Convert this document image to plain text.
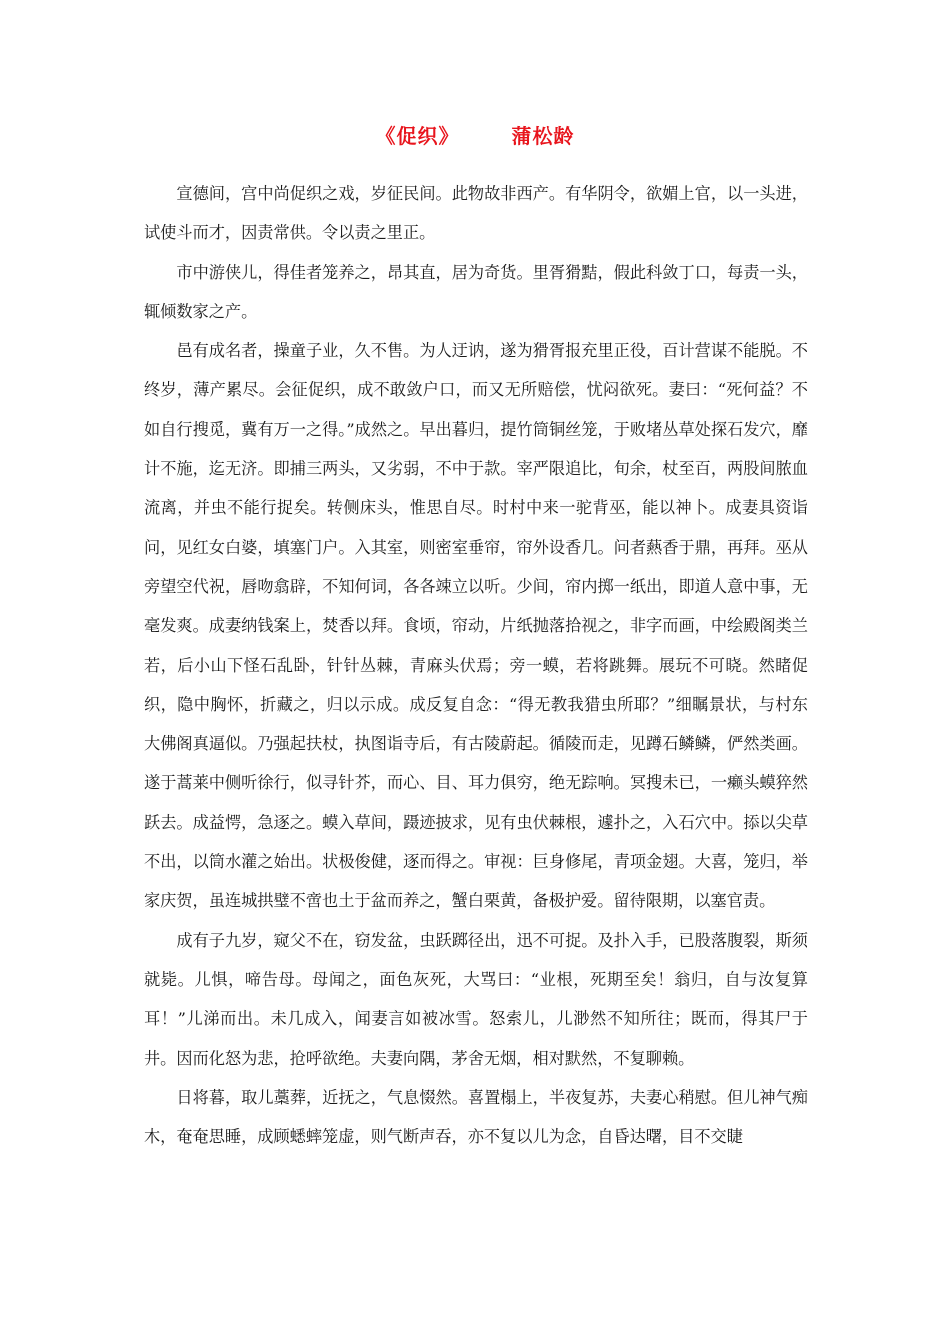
《促织》	蒲松龄

宣德间，宫中尚促织之戏，岁征民间。此物故非西产。有华阴令，欲媚上官，以一头进，试使斗而才，因责常供。令以责之里正。

市中游侠儿，得佳者笼养之，昂其直，居为奇货。里胥猾黠，假此科敛丁口，每责一头，辄倾数家之产。

邑有成名者，操童子业，久不售。为人迂讷，遂为猾胥报充里正役，百计营谋不能脱。不终岁，薄产累尽。会征促织，成不敢敛户口，而又无所赔偿，忧闷欲死。妻曰：“死何益？不如自行搜觅，冀有万一之得。”成然之。早出暮归，提竹筒铜丝笼，于败堵丛草处探石发穴，靡计不施，迄无济。即捕三两头，又劣弱，不中于款。宰严限追比，旬余，杖至百，两股间脓血流离，并虫不能行捉矣。转侧床头，惟思自尽。时村中来一驼背巫，能以神卜。成妻具资诣问，见红女白婆，填塞门户。入其室，则密室垂帘，帘外设香几。问者爇香于鼎，再拜。巫从旁望空代祝，唇吻翕辟，不知何词，各各竦立以听。少间，帘内掷一纸出，即道人意中事，无毫发爽。成妻纳钱案上，焚香以拜。食顷，帘动，片纸抛落拾视之，非字而画，中绘殿阁类兰若，后小山下怪石乱卧，针针丛棘，青麻头伏焉；旁一蟆，若将跳舞。展玩不可晓。然睹促织，隐中胸怀，折藏之，归以示成。成反复自念：“得无教我猎虫所耶？”细瞩景状，与村东大佛阁真逼似。乃强起扶杖，执图诣寺后，有古陵蔚起。循陵而走，见蹲石鳞鳞，俨然类画。遂于蒿莱中侧听徐行，似寻针芥，而心、目、耳力俱穷，绝无踪响。冥搜未已，一癞头蟆猝然跃去。成益愕，急逐之。蟆入草间，蹑迹披求，见有虫伏棘根，遽扑之，入石穴中。掭以尖草不出，以筒水灌之始出。状极俊健，逐而得之。审视：巨身修尾，青项金翅。大喜，笼归，举家庆贺，虽连城拱璧不啻也土于盆而养之，蟹白栗黄，备极护爱。留待限期，以塞官责。

成有子九岁，窥父不在，窃发盆，虫跃踯径出，迅不可捉。及扑入手，已股落腹裂，斯须就毙。儿惧，啼告母。母闻之，面色灰死，大骂曰：“业根，死期至矣！翁归，自与汝复算耳！”儿涕而出。未几成入，闻妻言如被冰雪。怒索儿，儿渺然不知所往；既而，得其尸于井。因而化怒为悲，抢呼欲绝。夫妻向隅，茅舍无烟，相对默然，不复聊赖。

日将暮，取儿藁葬，近抚之，气息惙然。喜置榻上，半夜复苏，夫妻心稍慰。但儿神气痴木，奄奄思睡，成顾蟋蟀笼虚，则气断声吞，亦不复以儿为念，自昏达曙，目不交睫
